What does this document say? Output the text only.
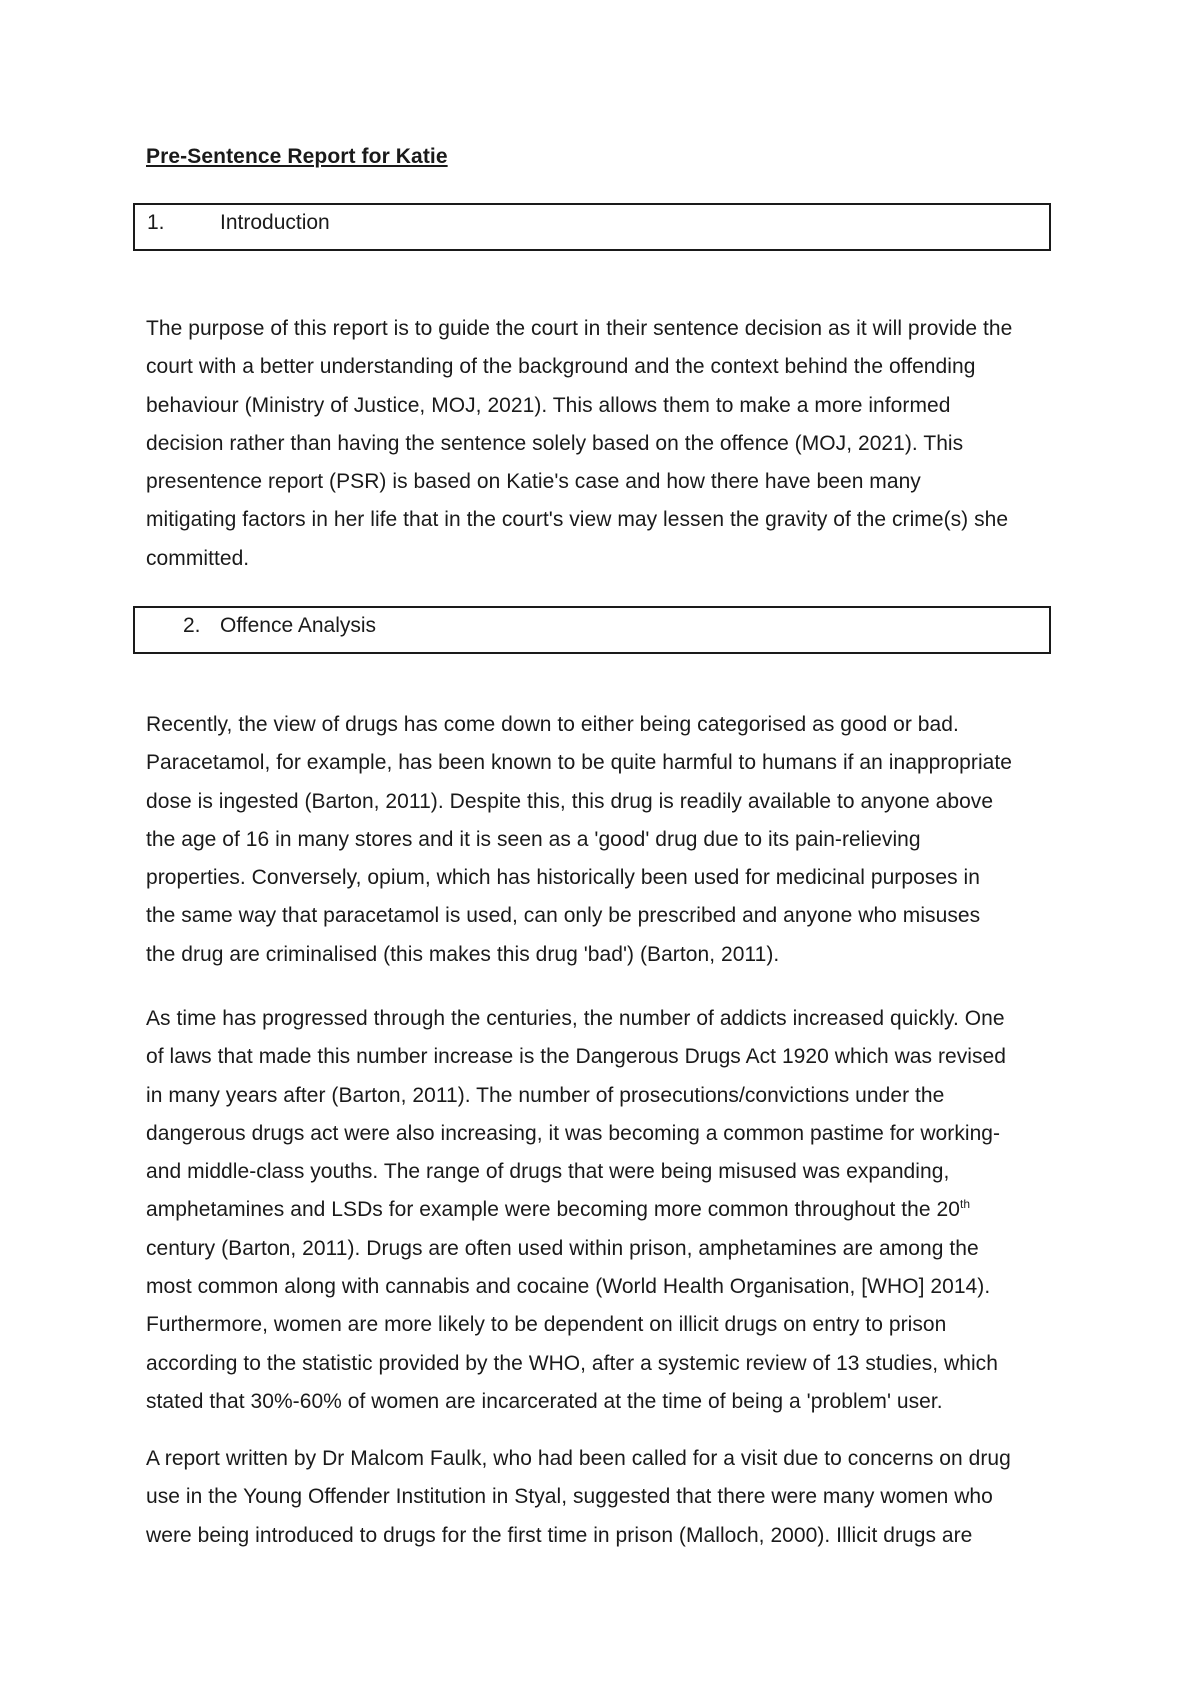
Pre-Sentence Report for Katie
1.	Introduction

The purpose of this report is to guide the court in their sentence decision as it will provide the
court with a better understanding of the background and the context behind the offending
behaviour (Ministry of Justice, MOJ, 2021). This allows them to make a more informed
decision rather than having the sentence solely based on the offence (MOJ, 2021). This
presentence report (PSR) is based on Katie's case and how there have been many
mitigating factors in her life that in the court's view may lessen the gravity of the crime(s) she
committed.

2. Offence Analysis

Recently, the view of drugs has come down to either being categorised as good or bad.
Paracetamol, for example, has been known to be quite harmful to humans if an inappropriate
dose is ingested (Barton, 2011). Despite this, this drug is readily available to anyone above
the age of 16 in many stores and it is seen as a 'good' drug due to its pain-relieving
properties. Conversely, opium, which has historically been used for medicinal purposes in
the same way that paracetamol is used, can only be prescribed and anyone who misuses
the drug are criminalised (this makes this drug 'bad') (Barton, 2011).

As time has progressed through the centuries, the number of addicts increased quickly. One
of laws that made this number increase is the Dangerous Drugs Act 1920 which was revised
in many years after (Barton, 2011). The number of prosecutions/convictions under the
dangerous drugs act were also increasing, it was becoming a common pastime for working-
and middle-class youths. The range of drugs that were being misused was expanding,
amphetamines and LSDs for example were becoming more common throughout the 20th
century (Barton, 2011). Drugs are often used within prison, amphetamines are among the
most common along with cannabis and cocaine (World Health Organisation, [WHO] 2014).
Furthermore, women are more likely to be dependent on illicit drugs on entry to prison
according to the statistic provided by the WHO, after a systemic review of 13 studies, which
stated that 30%-60% of women are incarcerated at the time of being a 'problem' user.

A report written by Dr Malcom Faulk, who had been called for a visit due to concerns on drug
use in the Young Offender Institution in Styal, suggested that there were many women who
were being introduced to drugs for the first time in prison (Malloch, 2000). Illicit drugs are
